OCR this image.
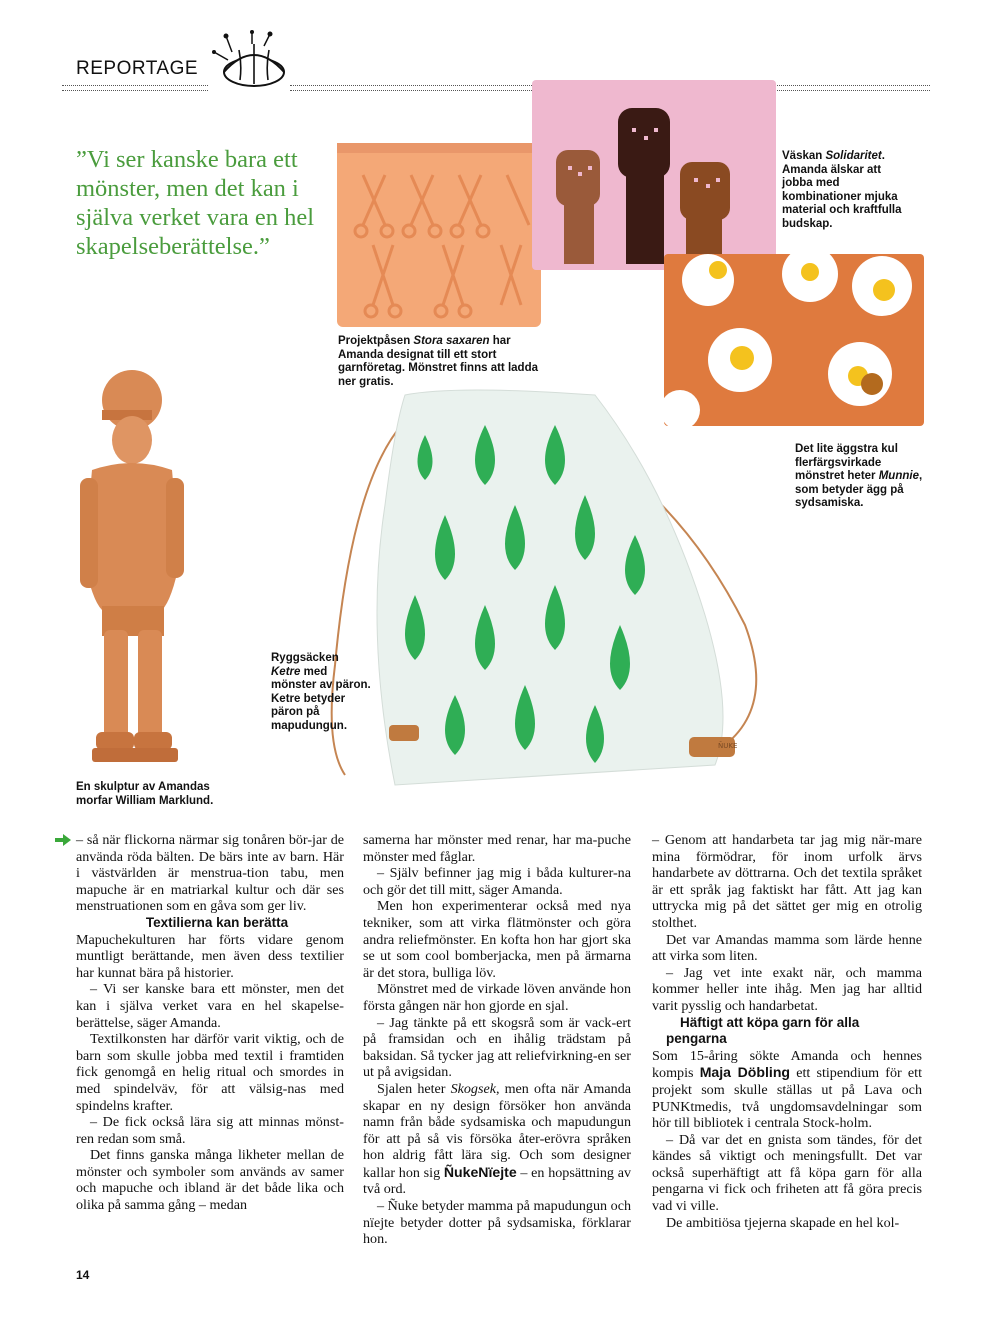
REPORTAGE
”Vi ser kanske bara ett mönster, men det kan i själva verket vara en hel skapelseberättelse.”
ÑUKE
Projektpåsen Stora saxaren har Amanda designat till ett stort garnföretag. Mönstret finns att ladda ner gratis.
Väskan Solidaritet. Amanda älskar att jobba med kombinationer mjuka material och kraftfulla budskap.
Det lite äggstra kul flerfärgsvirkade mönstret heter Munnie, som betyder ägg på sydsamiska.
Ryggsäcken Ketre med mönster av päron. Ketre betyder päron på mapudungun.
En skulptur av Amandas morfar William Marklund.

– så när flickorna närmar sig tonåren bör-jar de använda röda bälten. De bärs inte av barn. Här i västvärlden är menstrua-tion tabu, men mapuche är en matriarkal kultur och där ses menstruationen som en gåva som ger liv.

Textilierna kan berätta

Mapuchekulturen har förts vidare genom muntligt berättande, men även dess textilier har kunnat bära på historier.

– Vi ser kanske bara ett mönster, men det kan i själva verket vara en hel skapelse-berättelse, säger Amanda.

Textilkonsten har därför varit viktig, och de barn som skulle jobba med textil i framtiden fick genomgå en helig ritual och smordes in med spindelväv, för att välsig-nas med spindelns krafter.

– De fick också lära sig att minnas mönst-ren redan som små.

Det finns ganska många likheter mellan de mönster och symboler som används av samer och mapuche och ibland är det både lika och olika på samma gång – medan

samerna har mönster med renar, har ma-puche mönster med fåglar.

– Själv befinner jag mig i båda kulturer-na och gör det till mitt, säger Amanda.

Men hon experimenterar också med nya tekniker, som att virka flätmönster och göra andra reliefmönster. En kofta hon har gjort ska se ut som cool bomberjacka, men på ärmarna är det stora, bulliga löv.

Mönstret med de virkade löven använde hon första gången när hon gjorde en sjal.

– Jag tänkte på ett skogsrå som är vack-ert på framsidan och en ihålig trädstam på baksidan. Så tycker jag att reliefvirkning-en ser ut på avigsidan.

Sjalen heter Skogsek, men ofta när Amanda skapar en ny design försöker hon använda namn från både sydsamiska och mapudungun för att på så vis försöka åter-erövra språken hon aldrig fått lära sig. Och som designer kallar hon sig ÑukeNïejte – en hopsättning av två ord.

– Ñuke betyder mamma på mapudungun och nïejte betyder dotter på sydsamiska, förklarar hon.

– Genom att handarbeta tar jag mig när-mare mina förmödrar, för inom urfolk ärvs handarbete av döttrarna. Och det textila språket är ett språk jag faktiskt har fått. Att jag kan uttrycka mig på det sättet ger mig en otrolig stolthet.

Det var Amandas mamma som lärde henne att virka som liten.

– Jag vet inte exakt när, och mamma kommer heller inte ihåg. Men jag har alltid varit pysslig och handarbetat.

Häftigt att köpa garn för alla pengarna

Som 15-åring sökte Amanda och hennes kompis Maja Döbling ett stipendium för ett projekt som skulle ställas ut på Lava och PUNKtmedis, två ungdomsavdelningar som hör till bibliotek i centrala Stock-holm.

– Då var det en gnista som tändes, för det kändes så viktigt och meningsfullt. Det var också superhäftigt att få köpa garn för alla pengarna vi fick och friheten att få göra precis vad vi ville.

De ambitiösa tjejerna skapade en hel kol-

14
